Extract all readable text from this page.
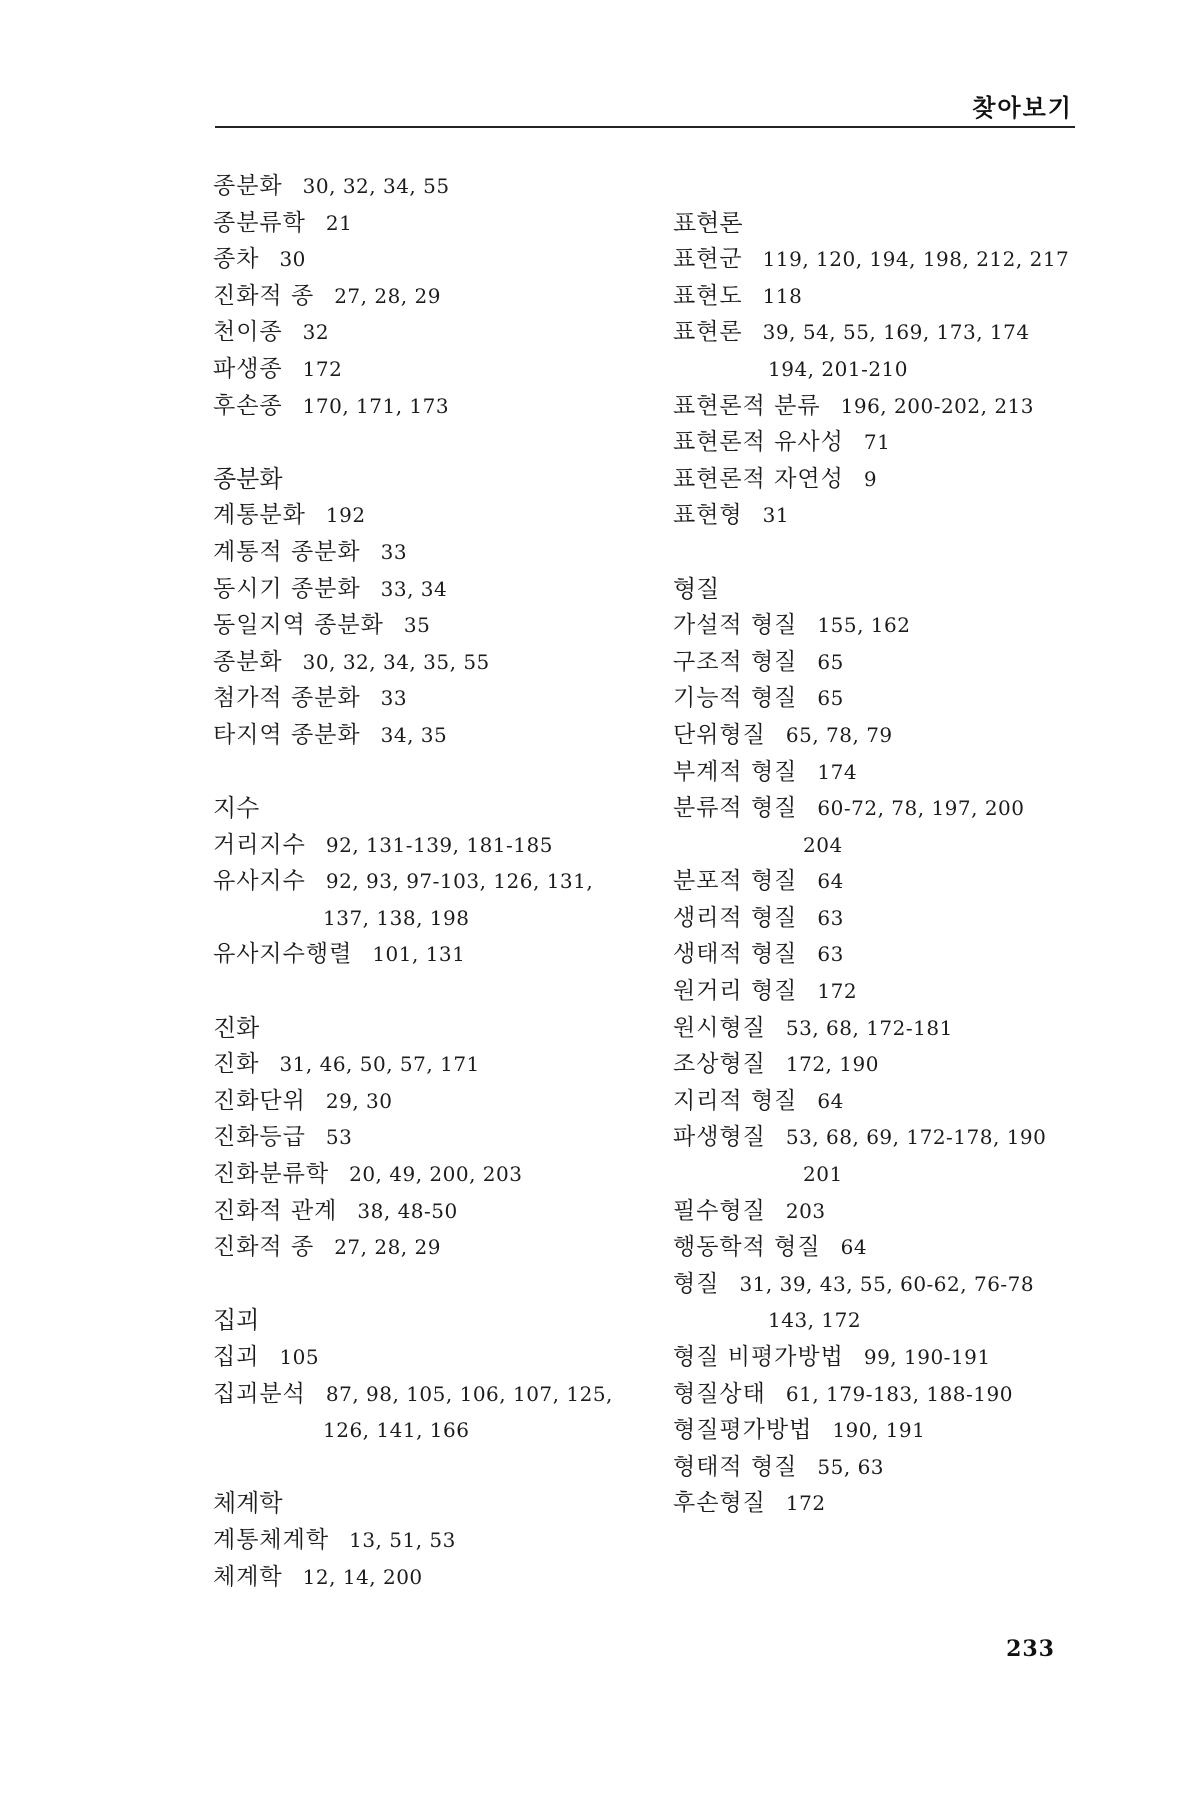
찾아보기
종분화 30, 32, 34, 55
종분류학 21
종차 30
진화적 종 27, 28, 29
천이종 32
파생종 172
후손종 170, 171, 173
종분화
계통분화 192
계통적 종분화 33
동시기 종분화 33, 34
동일지역 종분화 35
종분화 30, 32, 34, 35, 55
첨가적 종분화 33
타지역 종분화 34, 35
지수
거리지수 92, 131-139, 181-185
유사지수 92, 93, 97-103, 126, 131,
137, 138, 198
유사지수행렬 101, 131
진화
진화 31, 46, 50, 57, 171
진화단위 29, 30
진화등급 53
진화분류학 20, 49, 200, 203
진화적 관계 38, 48-50
진화적 종 27, 28, 29
집괴
집괴 105
집괴분석 87, 98, 105, 106, 107, 125,
126, 141, 166
체계학
계통체계학 13, 51, 53
체계학 12, 14, 200
표현론
표현군 119, 120, 194, 198, 212, 217
표현도 118
표현론 39, 54, 55, 169, 173, 174
194, 201-210
표현론적 분류 196, 200-202, 213
표현론적 유사성 71
표현론적 자연성 9
표현형 31
형질
가설적 형질 155, 162
구조적 형질 65
기능적 형질 65
단위형질 65, 78, 79
부계적 형질 174
분류적 형질 60-72, 78, 197, 200
204
분포적 형질 64
생리적 형질 63
생태적 형질 63
원거리 형질 172
원시형질 53, 68, 172-181
조상형질 172, 190
지리적 형질 64
파생형질 53, 68, 69, 172-178, 190
201
필수형질 203
행동학적 형질 64
형질 31, 39, 43, 55, 60-62, 76-78
143, 172
형질 비평가방법 99, 190-191
형질상태 61, 179-183, 188-190
형질평가방법 190, 191
형태적 형질 55, 63
후손형질 172
233
